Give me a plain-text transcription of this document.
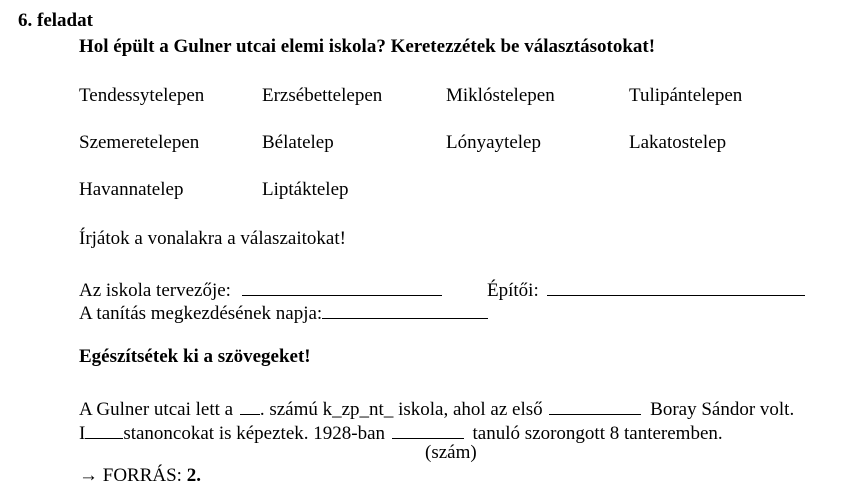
6. feladat
Hol épült a Gulner utcai elemi iskola? Keretezzétek be választásotokat!
Tendessytelepen	Erzsébettelepen	Miklóstelepen	Tulipántelepen
Szemeretelepen	Bélatelep	Lónyaytelep	Lakatostelep
Havannatelep	Liptáktelep
Írjátok a vonalakra a válaszaitokat!
Az iskola tervezője:	Építői:
A tanítás megkezdésének napja:
Egészítsétek ki a szövegeket!
A Gulner utcai lett a . számú k_zp_nt_ iskola, ahol az első	Boray Sándor volt.
I stanoncokat is képeztek. 1928-ban	tanuló szorongott 8 tanteremben.
(szám)
→ FORRÁS: 2.
